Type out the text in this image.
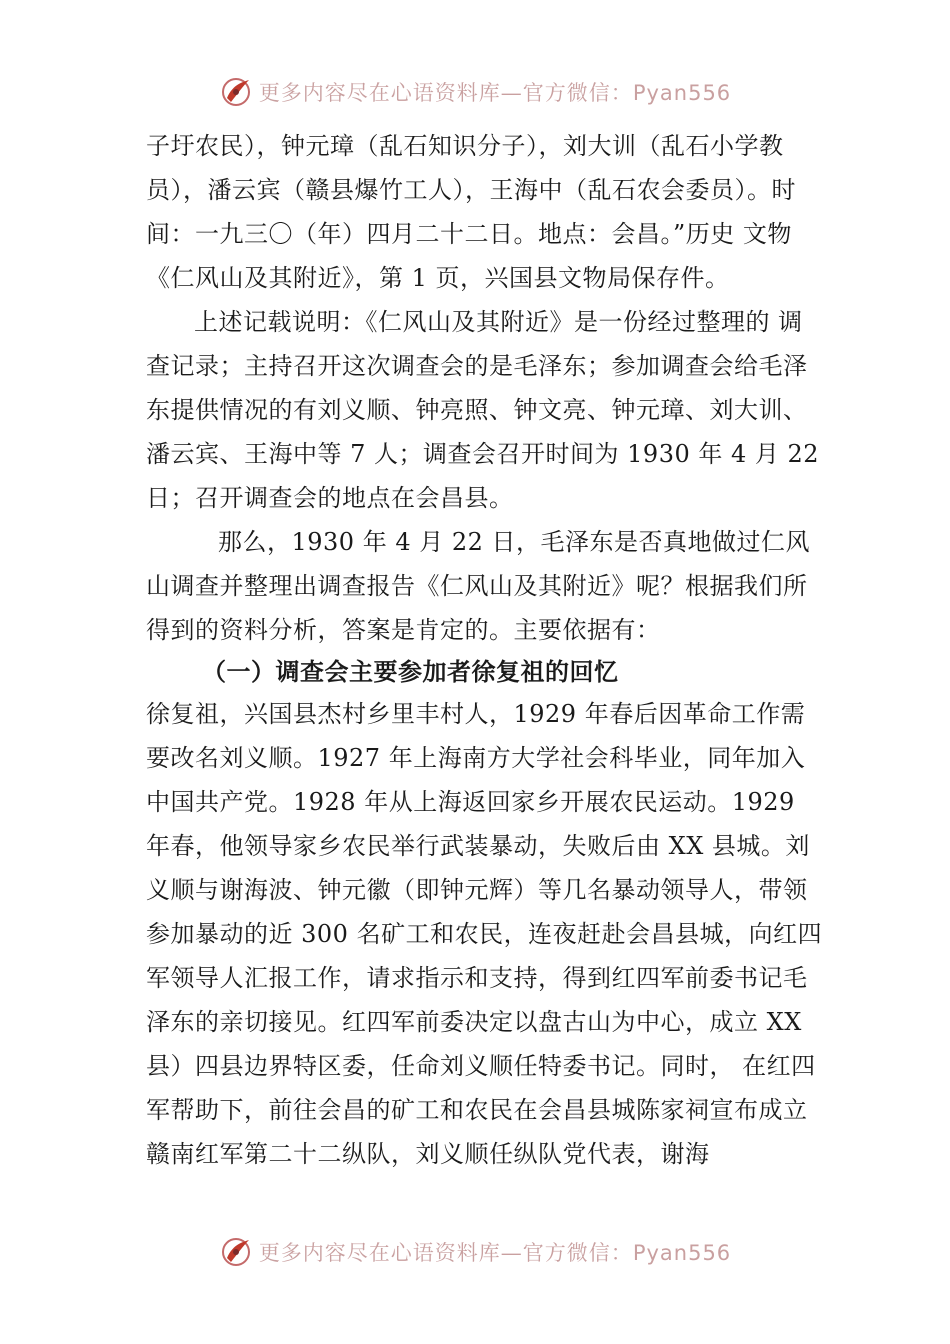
更多内容尽在心语资料库—官方微信：Pyan556

子圩农民），钟元璋（乱石知识分子），刘大训（乱石小学教员），潘云宾（赣县爆竹工人），王海中（乱石农会委员）。时间：一九三〇（年）四月二十二日。地点：会昌。”历史 文物《仁风山及其附近》，第 1 页，兴国县文物局保存件。

上述记载说明：《仁风山及其附近》是一份经过整理的 调查记录；主持召开这次调查会的是毛泽东；参加调查会给毛泽东提供情况的有刘义顺、钟亮照、钟文亮、钟元璋、刘大训、潘云宾、王海中等 7 人；调查会召开时间为 1930 年 4 月 22 日；召开调查会的地点在会昌县。

那么，1930 年 4 月 22 日，毛泽东是否真地做过仁风山调查并整理出调查报告《仁风山及其附近》呢？根据我们所得到的资料分析，答案是肯定的。主要依据有：

（一）调查会主要参加者徐复祖的回忆

徐复祖，兴国县杰村乡里丰村人，1929 年春后因革命工作需要改名刘义顺。1927 年上海南方大学社会科毕业，同年加入中国共产党。1928 年从上海返回家乡开展农民运动。1929 年春，他领导家乡农民举行武装暴动，失败后由 XX 县城。刘义顺与谢海波、钟元徽（即钟元辉）等几名暴动领导人，带领参加暴动的近 300 名矿工和农民，连夜赶赴会昌县城，向红四军领导人汇报工作，请求指示和支持，得到红四军前委书记毛泽东的亲切接见。红四军前委决定以盘古山为中心，成立 XX 县）四县边界特区委，任命刘义顺任特委书记。同时， 在红四军帮助下，前往会昌的矿工和农民在会昌县城陈家祠宣布成立赣南红军第二十二纵队，刘义顺任纵队党代表，谢海

更多内容尽在心语资料库—官方微信：Pyan556
